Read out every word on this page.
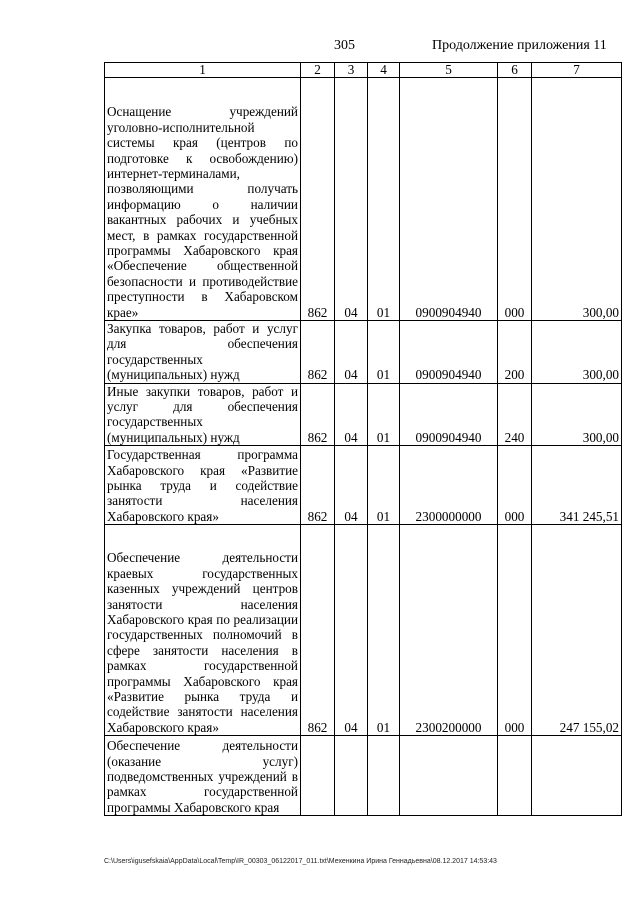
305	Продолжение приложения 11
1	2	3	4	5	6	7
Оснащение учреждений уголовно-исполнительной системы края (центров по подготовке к освобождению) интернет-терминалами, позволяющими получать информацию о наличии вакантных рабочих и учебных мест, в рамках государственной программы Хабаровского края «Обеспечение общественной безопасности и противодействие преступности в Хабаровском крае»	862	04	01	0900904940	000	300,00
Закупка товаров, работ и услуг для обеспечения государственных (муниципальных) нужд	862	04	01	0900904940	200	300,00
Иные закупки товаров, работ и услуг для обеспечения государственных (муниципальных) нужд	862	04	01	0900904940	240	300,00
Государственная программа Хабаровского края «Развитие рынка труда и содействие занятости населения Хабаровского края»	862	04	01	2300000000	000	341 245,51
Обеспечение деятельности краевых государственных казенных учреждений центров занятости населения Хабаровского края по реализации государственных полномочий в сфере занятости населения в рамках государственной программы Хабаровского края «Развитие рынка труда и содействие занятости населения Хабаровского края»	862	04	01	2300200000	000	247 155,02
Обеспечение деятельности (оказание услуг) подведомственных учреждений в рамках государственной программы Хабаровского края						
C:\Users\igusefskaia\AppData\Local\Temp\IR_00303_06122017_011.txt\Мехенкина Ирина Геннадьевна\08.12.2017 14:53:43
